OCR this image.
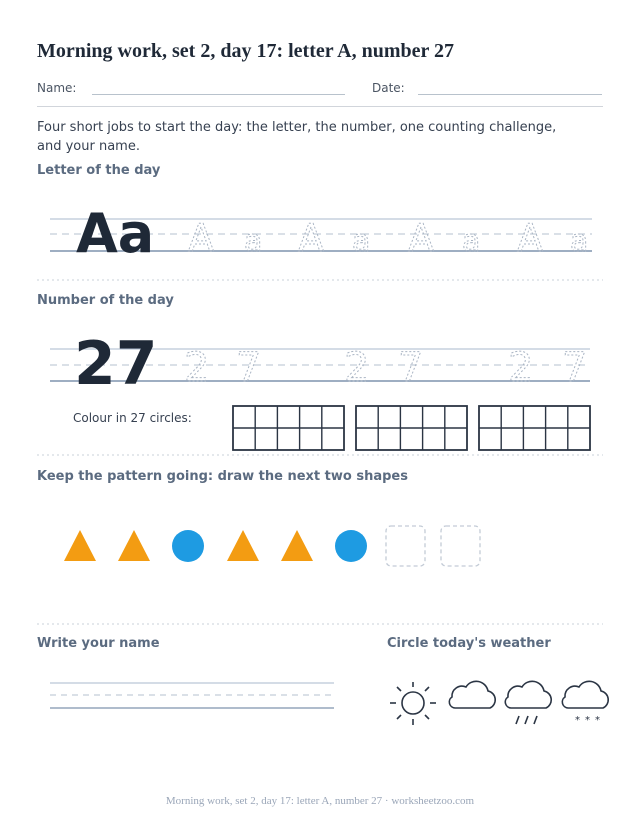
Morning work, set 2, day 17: letter A, number 27
Name:	Date:
Four short jobs to start the day: the letter, the number, one counting challenge, and your name.
Letter of the day
Aa A a A a A a A a
27 2 7 2 7 2 7
* * *
Number of the day
Colour in 27 circles:
Keep the pattern going: draw the next two shapes
Write your name	Circle today's weather
Morning work, set 2, day 17: letter A, number 27 · worksheetzoo.com
